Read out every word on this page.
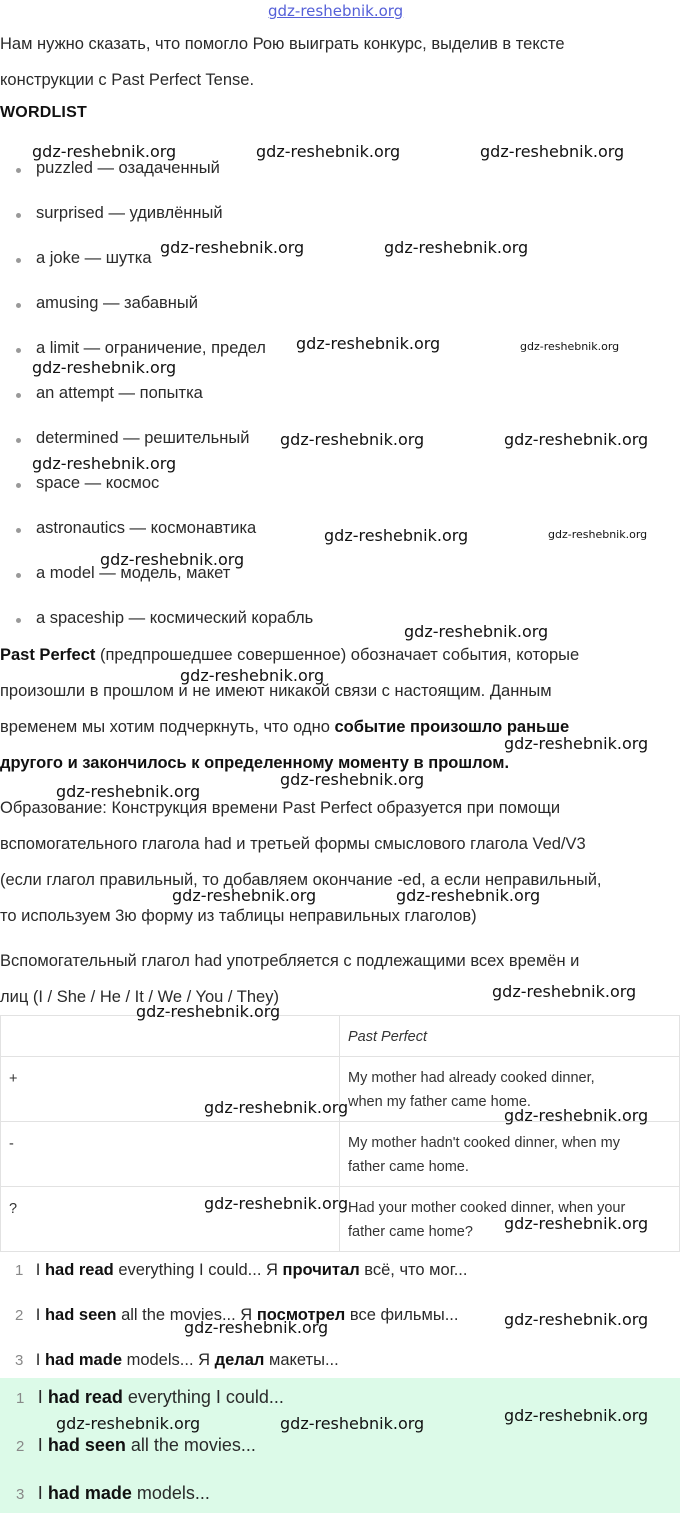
gdz-reshebnik.org
Нам нужно сказать, что помогло Рою выиграть конкурс, выделив в тексте
конструкции с Past Perfect Tense.
WORDLIST
puzzled — озадаченный
surprised — удивлённый
a joke — шутка
amusing — забавный
a limit — ограничение, предел
an attempt — попытка
determined — решительный
space — космос
astronautics — космонавтика
a model — модель, макет
a spaceship — космический корабль
Past Perfect (предпрошедшее совершенное) обозначает события, которые
произошли в прошлом и не имеют никакой связи с настоящим. Данным
временем мы хотим подчеркнуть, что одно событие произошло раньше
другого и закончилось к определенному моменту в прошлом.
Образование: Конструкция времени Past Perfect образуется при помощи
вспомогательного глагола had и третьей формы смыслового глагола Ved/V3
(если глагол правильный, то добавляем окончание -ed, а если неправильный,
то используем 3ю форму из таблицы неправильных глаголов)
Вспомогательный глагол had употребляется с подлежащими всех времён и
лиц (I / She / He / It / We / You / They)
	Past Perfect
+	My mother had already cooked dinner,
when my father came home.

-	My mother hadn't cooked dinner, when my
father came home.

?	Had your mother cooked dinner, when your
father came home?
1 I had read everything I could... Я прочитал всё, что мог...
2 I had seen all the movies... Я посмотрел все фильмы...
3 I had made models... Я делал макеты...
1 I had read everything I could...
2 I had seen all the movies...
3 I had made models...
gdz-reshebnik.org	gdz-reshebnik.org	gdz-reshebnik.org
gdz-reshebnik.org	gdz-reshebnik.org
gdz-reshebnik.org	gdz-reshebnik.org
gdz-reshebnik.org
gdz-reshebnik.org	gdz-reshebnik.org
gdz-reshebnik.org
gdz-reshebnik.org	gdz-reshebnik.org
gdz-reshebnik.org
gdz-reshebnik.org
gdz-reshebnik.org
gdz-reshebnik.org
gdz-reshebnik.org
gdz-reshebnik.org
gdz-reshebnik.org	gdz-reshebnik.org
gdz-reshebnik.org
gdz-reshebnik.org
gdz-reshebnik.org	gdz-reshebnik.org
gdz-reshebnik.org
gdz-reshebnik.org
gdz-reshebnik.org
gdz-reshebnik.org
gdz-reshebnik.org
gdz-reshebnik.org	gdz-reshebnik.org
